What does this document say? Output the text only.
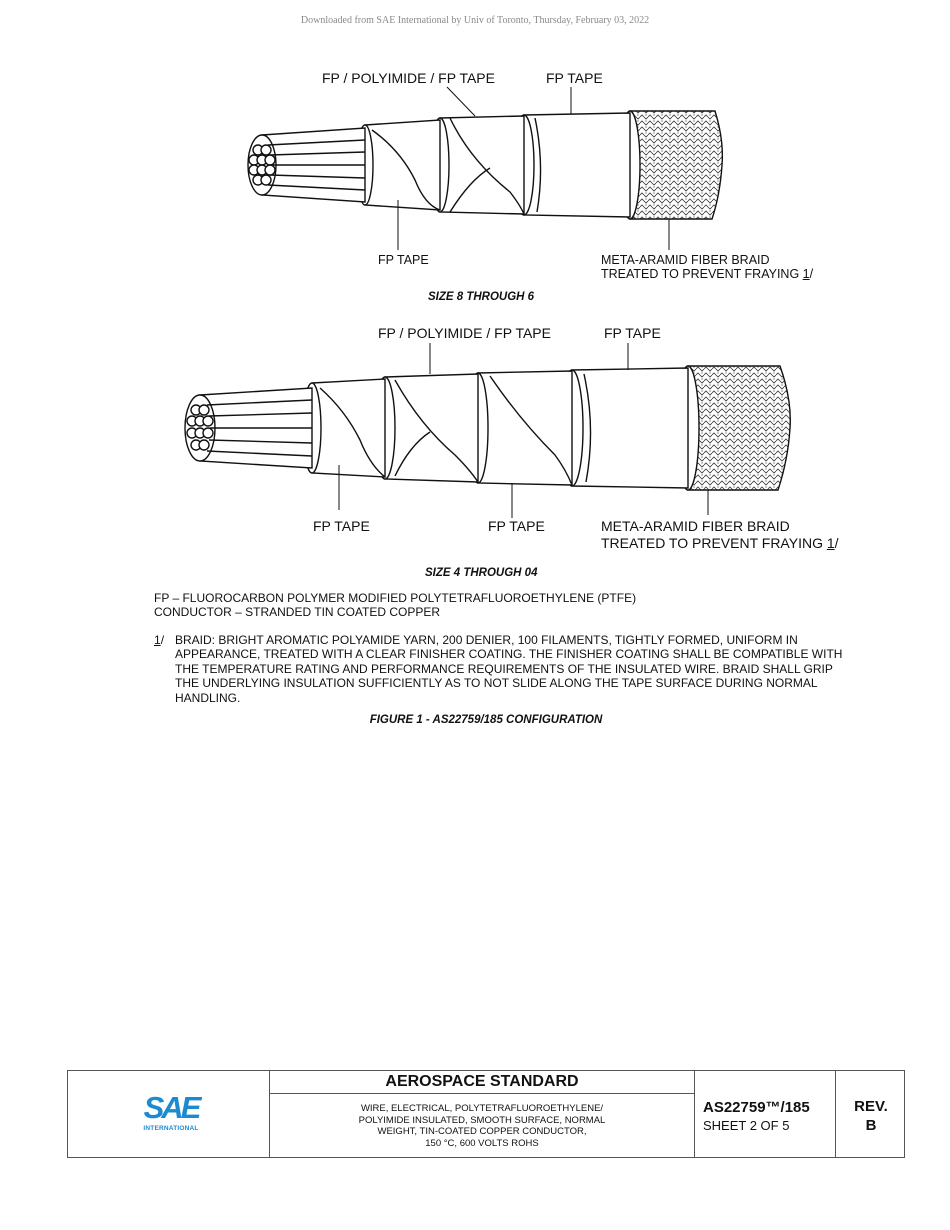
Downloaded from SAE International by Univ of Toronto, Thursday, February 03, 2022
FP / POLYIMIDE / FP TAPE	FP TAPE
FP TAPE	META-ARAMID FIBER BRAID
TREATED TO PREVENT FRAYING 1/
SIZE 8 THROUGH 6
FP / POLYIMIDE / FP TAPE	FP TAPE
FP TAPE	FP TAPE	META-ARAMID FIBER BRAID
TREATED TO PREVENT FRAYING 1/
SIZE 4 THROUGH 04
FP – FLUOROCARBON POLYMER MODIFIED POLYTETRAFLUOROETHYLENE (PTFE)
CONDUCTOR – STRANDED TIN COATED COPPER
1/ BRAID: BRIGHT AROMATIC POLYAMIDE YARN, 200 DENIER, 100 FILAMENTS, TIGHTLY FORMED, UNIFORM IN APPEARANCE, TREATED WITH A CLEAR FINISHER COATING. THE FINISHER COATING SHALL BE COMPATIBLE WITH THE TEMPERATURE RATING AND PERFORMANCE REQUIREMENTS OF THE INSULATED WIRE. BRAID SHALL GRIP THE UNDERLYING INSULATION SUFFICIENTLY AS TO NOT SLIDE ALONG THE TAPE SURFACE DURING NORMAL HANDLING.
FIGURE 1 - AS22759/185 CONFIGURATION
SAE
INTERNATIONAL
AEROSPACE STANDARD
WIRE, ELECTRICAL, POLYTETRAFLUOROETHYLENE/
POLYIMIDE INSULATED, SMOOTH SURFACE, NORMAL
WEIGHT, TIN-COATED COPPER CONDUCTOR,
150 °C, 600 VOLTS ROHS
AS22759™/185
SHEET 2 OF 5
REV.
B
